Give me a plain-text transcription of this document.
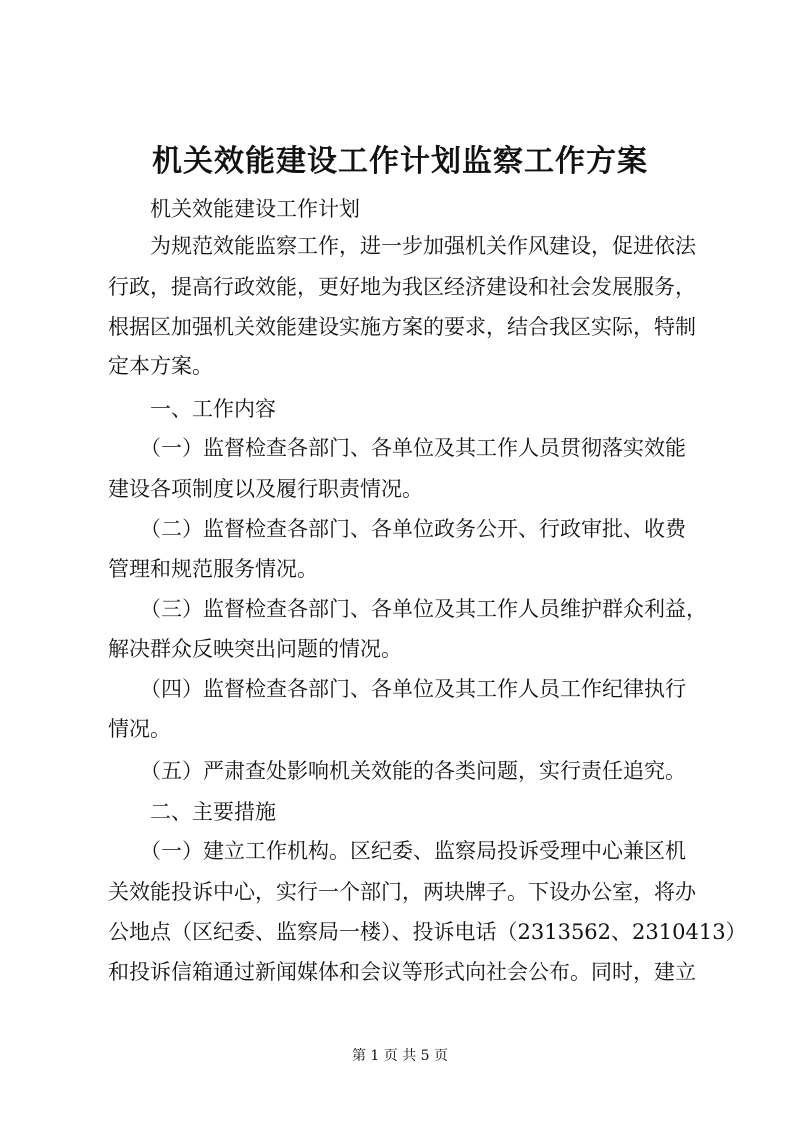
机关效能建设工作计划监察工作方案
机关效能建设工作计划
为规范效能监察工作，进一步加强机关作风建设，促进依法
行政，提高行政效能，更好地为我区经济建设和社会发展服务，
根据区加强机关效能建设实施方案的要求，结合我区实际，特制
定本方案。
一、工作内容
（一）监督检查各部门、各单位及其工作人员贯彻落实效能
建设各项制度以及履行职责情况。
（二）监督检查各部门、各单位政务公开、行政审批、收费
管理和规范服务情况。
（三）监督检查各部门、各单位及其工作人员维护群众利益，
解决群众反映突出问题的情况。
（四）监督检查各部门、各单位及其工作人员工作纪律执行
情况。
（五）严肃查处影响机关效能的各类问题，实行责任追究。
二、主要措施
（一）建立工作机构。区纪委、监察局投诉受理中心兼区机
关效能投诉中心，实行一个部门，两块牌子。下设办公室，将办
公地点（区纪委、监察局一楼）、投诉电话（2313562、2310413）
和投诉信箱通过新闻媒体和会议等形式向社会公布。同时，建立
第 1 页 共 5 页
